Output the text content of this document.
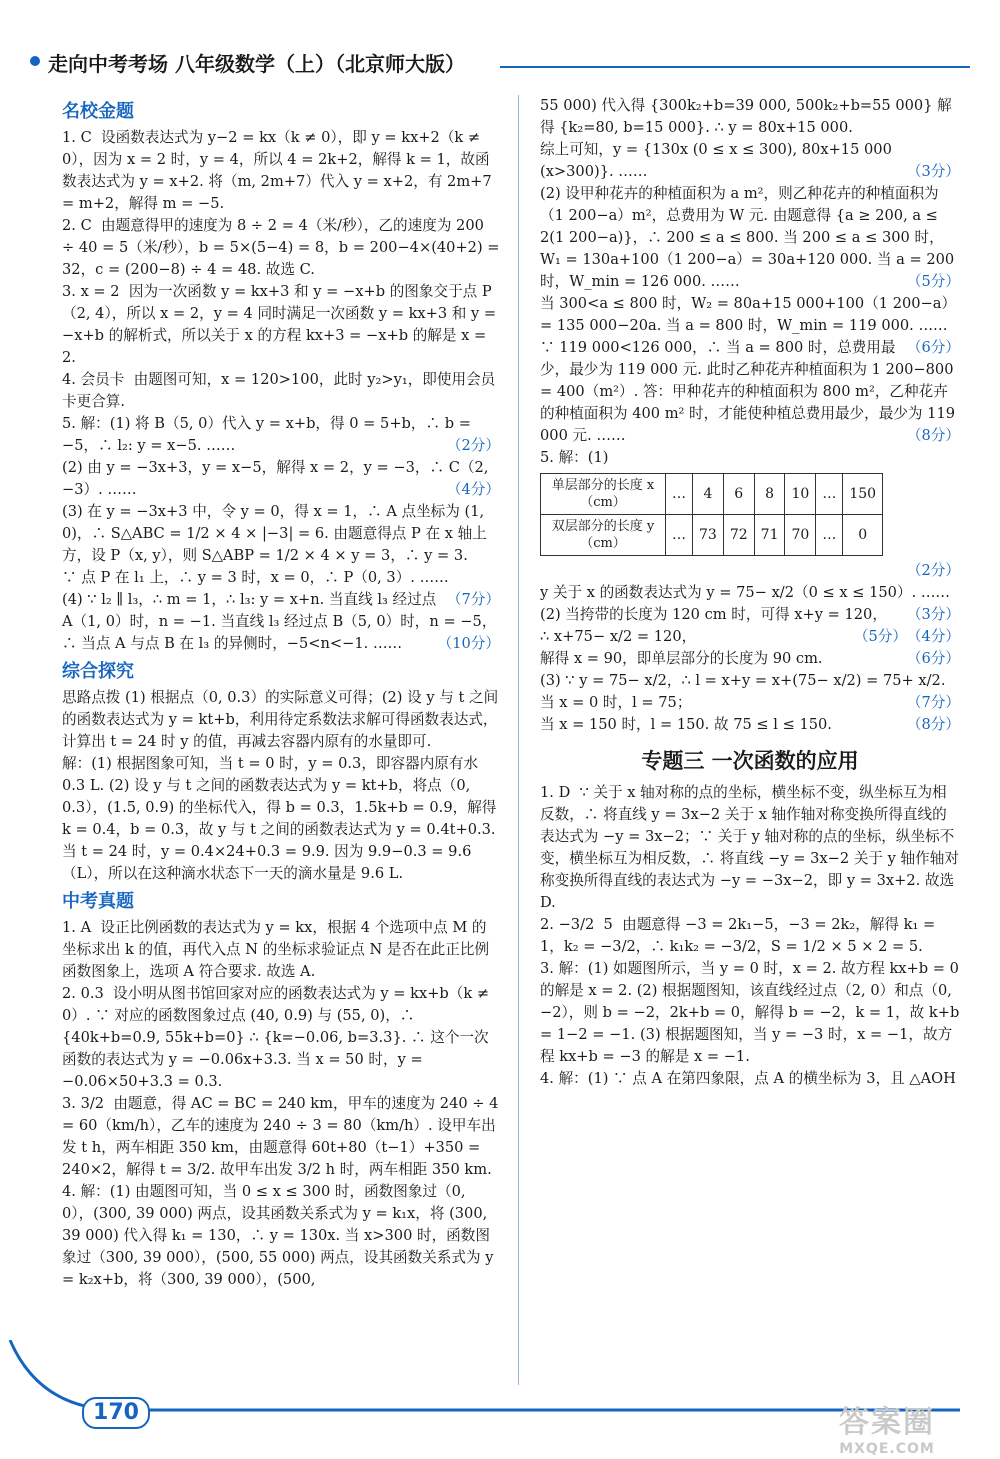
走向中考考场 八年级数学（上）（北京师大版）
名校金题

1. C  设函数表达式为 y−2 = kx（k ≠ 0），即 y = kx+2（k ≠ 0），因为 x = 2 时，y = 4，所以 4 = 2k+2，解得 k = 1，故函数表达式为 y = x+2. 将（m, 2m+7）代入 y = x+2，有 2m+7 = m+2，解得 m = −5.

2. C  由题意得甲的速度为 8 ÷ 2 = 4（米/秒），乙的速度为 200 ÷ 40 = 5（米/秒），b = 5×(5−4) = 8，b = 200−4×(40+2) = 32，c = (200−8) ÷ 4 = 48. 故选 C.

3. x = 2  因为一次函数 y = kx+3 和 y = −x+b 的图象交于点 P（2, 4），所以 x = 2，y = 4 同时满足一次函数 y = kx+3 和 y = −x+b 的解析式，所以关于 x 的方程 kx+3 = −x+b 的解是 x = 2.

4. 会员卡  由题图可知，x = 120>100，此时 y₂>y₁，即使用会员卡更合算.

5. 解：(1) 将 B（5, 0）代入 y = x+b，得 0 = 5+b，∴ b = −5，∴ l₂: y = x−5. ……	（2分）

(2) 由 y = −3x+3，y = x−5，解得 x = 2，y = −3，∴ C（2, −3）. ……	（4分）

(3) 在 y = −3x+3 中，令 y = 0，得 x = 1，∴ A 点坐标为 (1, 0)，∴ S△ABC = 1/2 × 4 × |−3| = 6. 由题意得点 P 在 x 轴上方，设 P（x, y），则 S△ABP = 1/2 × 4 × y = 3，∴ y = 3.

∵ 点 P 在 l₁ 上，∴ y = 3 时，x = 0，∴ P（0, 3）. ……
（7分）

(4) ∵ l₂ ∥ l₃，∴ m = 1，∴ l₃: y = x+n. 当直线 l₃ 经过点 A（1, 0）时，n = −1. 当直线 l₃ 经过点 B（5, 0）时，n = −5，∴ 当点 A 与点 B 在 l₃ 的异侧时，−5<n<−1. …… （10分）

综合探究

思路点拨 (1) 根据点（0, 0.3）的实际意义可得；(2) 设 y 与 t 之间的函数表达式为 y = kt+b，利用待定系数法求解可得函数表达式，计算出 t = 24 时 y 的值，再减去容器内原有的水量即可.

解：(1) 根据图象可知，当 t = 0 时，y = 0.3，即容器内原有水 0.3 L. (2) 设 y 与 t 之间的函数表达式为 y = kt+b，将点（0, 0.3），(1.5, 0.9) 的坐标代入，得 b = 0.3，1.5k+b = 0.9，解得 k = 0.4，b = 0.3，故 y 与 t 之间的函数表达式为 y = 0.4t+0.3. 当 t = 24 时，y = 0.4×24+0.3 = 9.9. 因为 9.9−0.3 = 9.6（L），所以在这种滴水状态下一天的滴水量是 9.6 L.

中考真题

1. A  设正比例函数的表达式为 y = kx，根据 4 个选项中点 M 的坐标求出 k 的值，再代入点 N 的坐标求验证点 N 是否在此正比例函数图象上，选项 A 符合要求. 故选 A.

2. 0.3  设小明从图书馆回家对应的函数表达式为 y = kx+b（k ≠ 0）. ∵ 对应的函数图象过点 (40, 0.9) 与 (55, 0)，∴ {40k+b=0.9, 55k+b=0} ∴ {k=−0.06, b=3.3}. ∴ 这个一次函数的表达式为 y = −0.06x+3.3. 当 x = 50 时，y = −0.06×50+3.3 = 0.3.

3. 3/2  由题意，得 AC = BC = 240 km，甲车的速度为 240 ÷ 4 = 60（km/h），乙车的速度为 240 ÷ 3 = 80（km/h）. 设甲车出发 t h，两车相距 350 km，由题意得 60t+80（t−1）+350 = 240×2，解得 t = 3/2. 故甲车出发 3/2 h 时，两车相距 350 km.

4. 解：(1) 由题图可知，当 0 ≤ x ≤ 300 时，函数图象过（0, 0），(300, 39 000) 两点，设其函数关系式为 y = k₁x，将 (300, 39 000) 代入得 k₁ = 130，∴ y = 130x. 当 x>300 时，函数图象过（300, 39 000），(500, 55 000) 两点，设其函数关系式为 y = k₂x+b，将（300, 39 000），(500,

55 000) 代入得 {300k₂+b=39 000, 500k₂+b=55 000} 解得 {k₂=80, b=15 000}. ∴ y = 80x+15 000.

综上可知，y = {130x (0 ≤ x ≤ 300), 80x+15 000 (x>300)}. ……	（3分）

(2) 设甲种花卉的种植面积为 a m²，则乙种花卉的种植面积为（1 200−a）m²，总费用为 W 元. 由题意得 {a ≥ 200, a ≤ 2(1 200−a)}，∴ 200 ≤ a ≤ 800. 当 200 ≤ a ≤ 300 时，W₁ = 130a+100（1 200−a）= 30a+120 000. 当 a = 200 时，W_min = 126 000. ……	（5分）

当 300<a ≤ 800 时，W₂ = 80a+15 000+100（1 200−a）= 135 000−20a. 当 a = 800 时，W_min = 119 000. ……
（6分）

∵ 119 000<126 000，∴ 当 a = 800 时，总费用最少，最少为 119 000 元. 此时乙种花卉种植面积为 1 200−800 = 400（m²）. 答：甲种花卉的种植面积为 800 m²，乙种花卉的种植面积为 400 m² 时，才能使种植总费用最少，最少为 119 000 元. ……	（8分）

5. 解：(1)

单层部分的长度 x（cm）	…	4	6	8	10	…	150
双层部分的长度 y（cm）	…	73	72	71	70	…	0

（2分）

y 关于 x 的函数表达式为 y = 75− x/2（0 ≤ x ≤ 150）. ……
（3分）

(2) 当挎带的长度为 120 cm 时，可得 x+y = 120，
（4分）

∴ x+75− x/2 = 120，	（5分）

解得 x = 90，即单层部分的长度为 90 cm.	（6分）

(3) ∵ y = 75− x/2，∴ l = x+y = x+(75− x/2) = 75+ x/2. 当 x = 0 时，l = 75；	（7分）

当 x = 150 时，l = 150. 故 75 ≤ l ≤ 150.	（8分）

专题三 一次函数的应用

1. D  ∵ 关于 x 轴对称的点的坐标，横坐标不变，纵坐标互为相反数，∴ 将直线 y = 3x−2 关于 x 轴作轴对称变换所得直线的表达式为 −y = 3x−2；∵ 关于 y 轴对称的点的坐标，纵坐标不变，横坐标互为相反数，∴ 将直线 −y = 3x−2 关于 y 轴作轴对称变换所得直线的表达式为 −y = −3x−2，即 y = 3x+2. 故选 D.

2. −3/2  5  由题意得 −3 = 2k₁−5，−3 = 2k₂，解得 k₁ = 1，k₂ = −3/2，∴ k₁k₂ = −3/2，S = 1/2 × 5 × 2 = 5.

3. 解：(1) 如题图所示，当 y = 0 时，x = 2. 故方程 kx+b = 0 的解是 x = 2. (2) 根据题图知，该直线经过点（2, 0）和点（0, −2），则 b = −2，2k+b = 0，解得 b = −2，k = 1，故 k+b = 1−2 = −1. (3) 根据题图知，当 y = −3 时，x = −1，故方程 kx+b = −3 的解是 x = −1.

4. 解：(1) ∵ 点 A 在第四象限，点 A 的横坐标为 3，且 △AOH

170	答案圈
MXQE.COM
